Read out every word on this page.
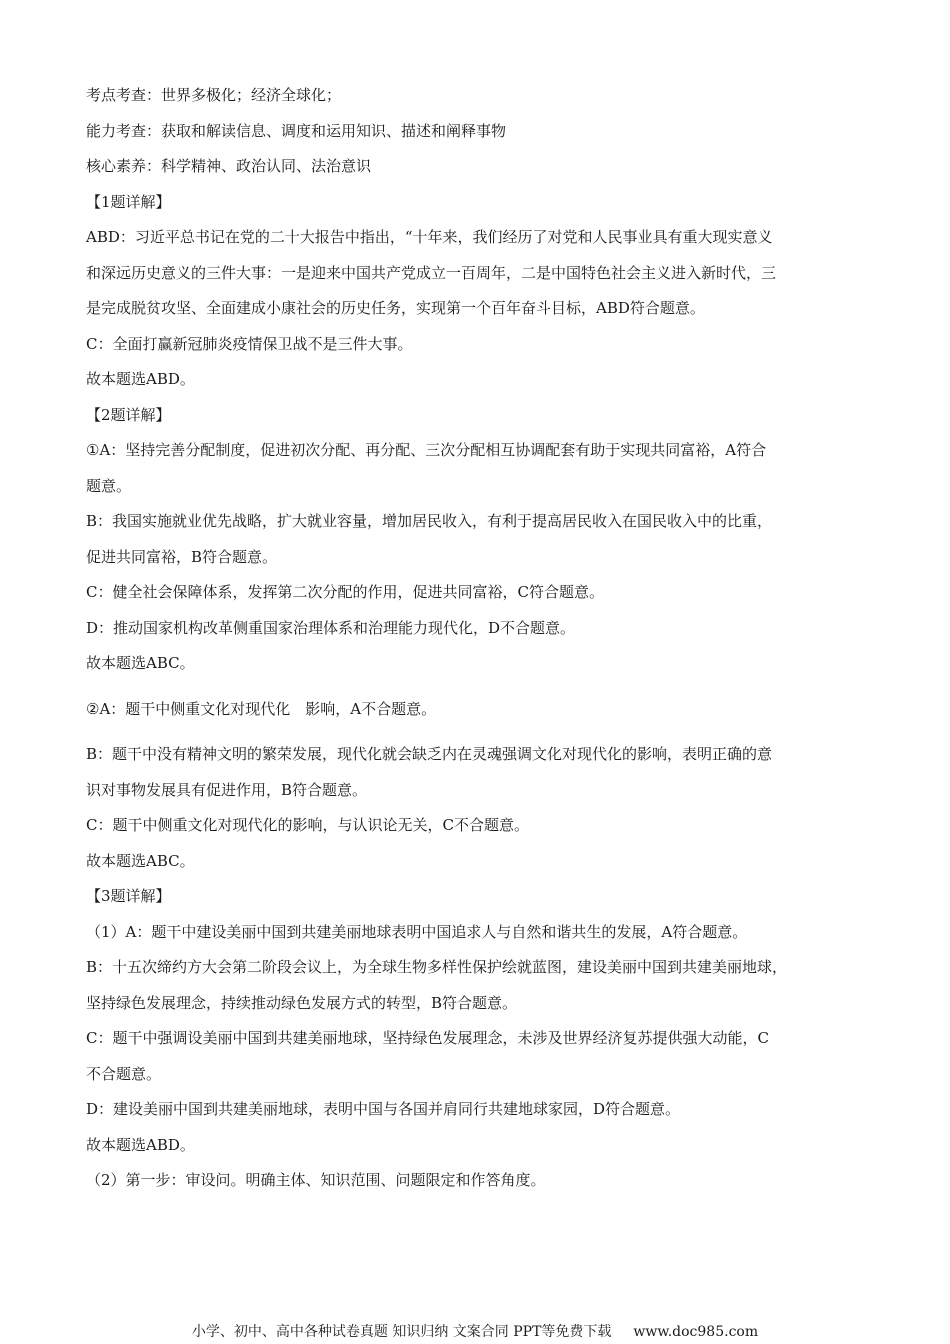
考点考查：世界多极化；经济全球化；
能力考查：获取和解读信息、调度和运用知识、描述和阐释事物
核心素养：科学精神、政治认同、法治意识
【1题详解】
ABD：习近平总书记在党的二十大报告中指出，“十年来，我们经历了对党和人民事业具有重大现实意义
和深远历史意义的三件大事：一是迎来中国共产党成立一百周年，二是中国特色社会主义进入新时代，三
是完成脱贫攻坚、全面建成小康社会的历史任务，实现第一个百年奋斗目标，ABD符合题意。
C：全面打赢新冠肺炎疫情保卫战不是三件大事。
故本题选ABD。
【2题详解】
①A：坚持完善分配制度，促进初次分配、再分配、三次分配相互协调配套有助于实现共同富裕，A符合
题意。
B：我国实施就业优先战略，扩大就业容量，增加居民收入，有利于提高居民收入在国民收入中的比重，
促进共同富裕，B符合题意。
C：健全社会保障体系，发挥第二次分配的作用，促进共同富裕，C符合题意。
D：推动国家机构改革侧重国家治理体系和治理能力现代化，D不合题意。
故本题选ABC。
②A：题干中侧重文化对现代化　影响，A不合题意。
B：题干中没有精神文明的繁荣发展，现代化就会缺乏内在灵魂强调文化对现代化的影响，表明正确的意
识对事物发展具有促进作用，B符合题意。
C：题干中侧重文化对现代化的影响，与认识论无关，C不合题意。
故本题选ABC。
【3题详解】
（1）A：题干中建设美丽中国到共建美丽地球表明中国追求人与自然和谐共生的发展，A符合题意。
B：十五次缔约方大会第二阶段会议上，为全球生物多样性保护绘就蓝图，建设美丽中国到共建美丽地球，
坚持绿色发展理念，持续推动绿色发展方式的转型，B符合题意。
C：题干中强调设美丽中国到共建美丽地球，坚持绿色发展理念，未涉及世界经济复苏提供强大动能，C
不合题意。
D：建设美丽中国到共建美丽地球，表明中国与各国并肩同行共建地球家园，D符合题意。
故本题选ABD。
（2）第一步：审设问。明确主体、知识范围、问题限定和作答角度。
小学、初中、高中各种试卷真题 知识归纳 文案合同 PPT等免费下载 www.doc985.com
